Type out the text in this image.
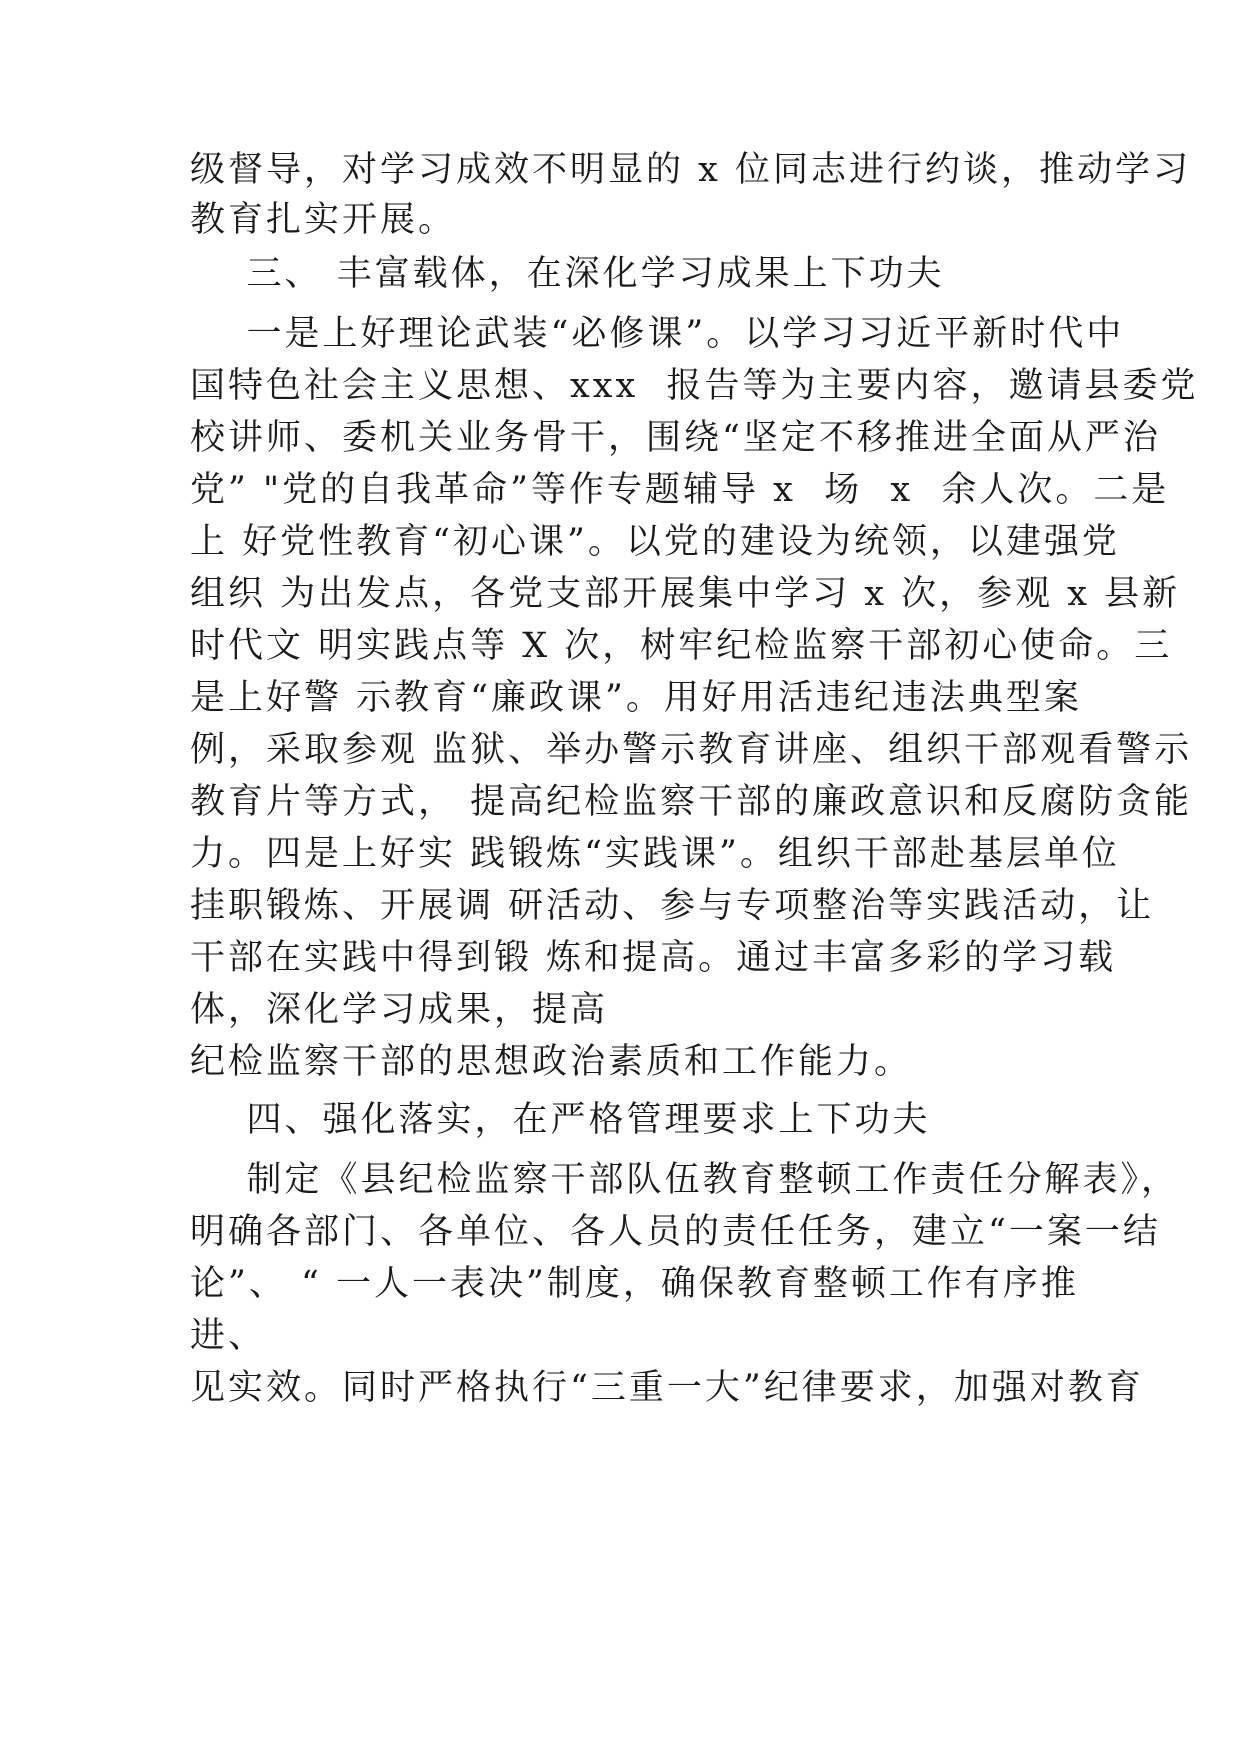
级督导，对学习成效不明显的 x 位同志进行约谈，推动学习
教育扎实开展。
三、 丰富载体，在深化学习成果上下功夫
一是上好理论武装“必修课”。以学习习近平新时代中
国特色社会主义思想、xxx  报告等为主要内容，邀请县委党
校讲师、委机关业务骨干，围绕“坚定不移推进全面从严治
党” "党的自我革命”等作专题辅导 x  场  x  余人次。二是
上 好党性教育“初心课”。以党的建设为统领，以建强党
组织 为出发点，各党支部开展集中学习 x 次，参观 x 县新
时代文 明实践点等 X 次，树牢纪检监察干部初心使命。三
是上好警 示教育“廉政课”。用好用活违纪违法典型案
例，采取参观 监狱、举办警示教育讲座、组织干部观看警示
教育片等方式， 提高纪检监察干部的廉政意识和反腐防贪能
力。四是上好实 践锻炼“实践课”。组织干部赴基层单位
挂职锻炼、开展调 研活动、参与专项整治等实践活动，让
干部在实践中得到锻 炼和提高。通过丰富多彩的学习载
体，深化学习成果，提高
纪检监察干部的思想政治素质和工作能力。
四、强化落实，在严格管理要求上下功夫
制定《县纪检监察干部队伍教育整顿工作责任分解表》，
明确各部门、各单位、各人员的责任任务，建立“一案一结
论”、 “ 一人一表决”制度，确保教育整顿工作有序推
进、
见实效。同时严格执行“三重一大”纪律要求，加强对教育
